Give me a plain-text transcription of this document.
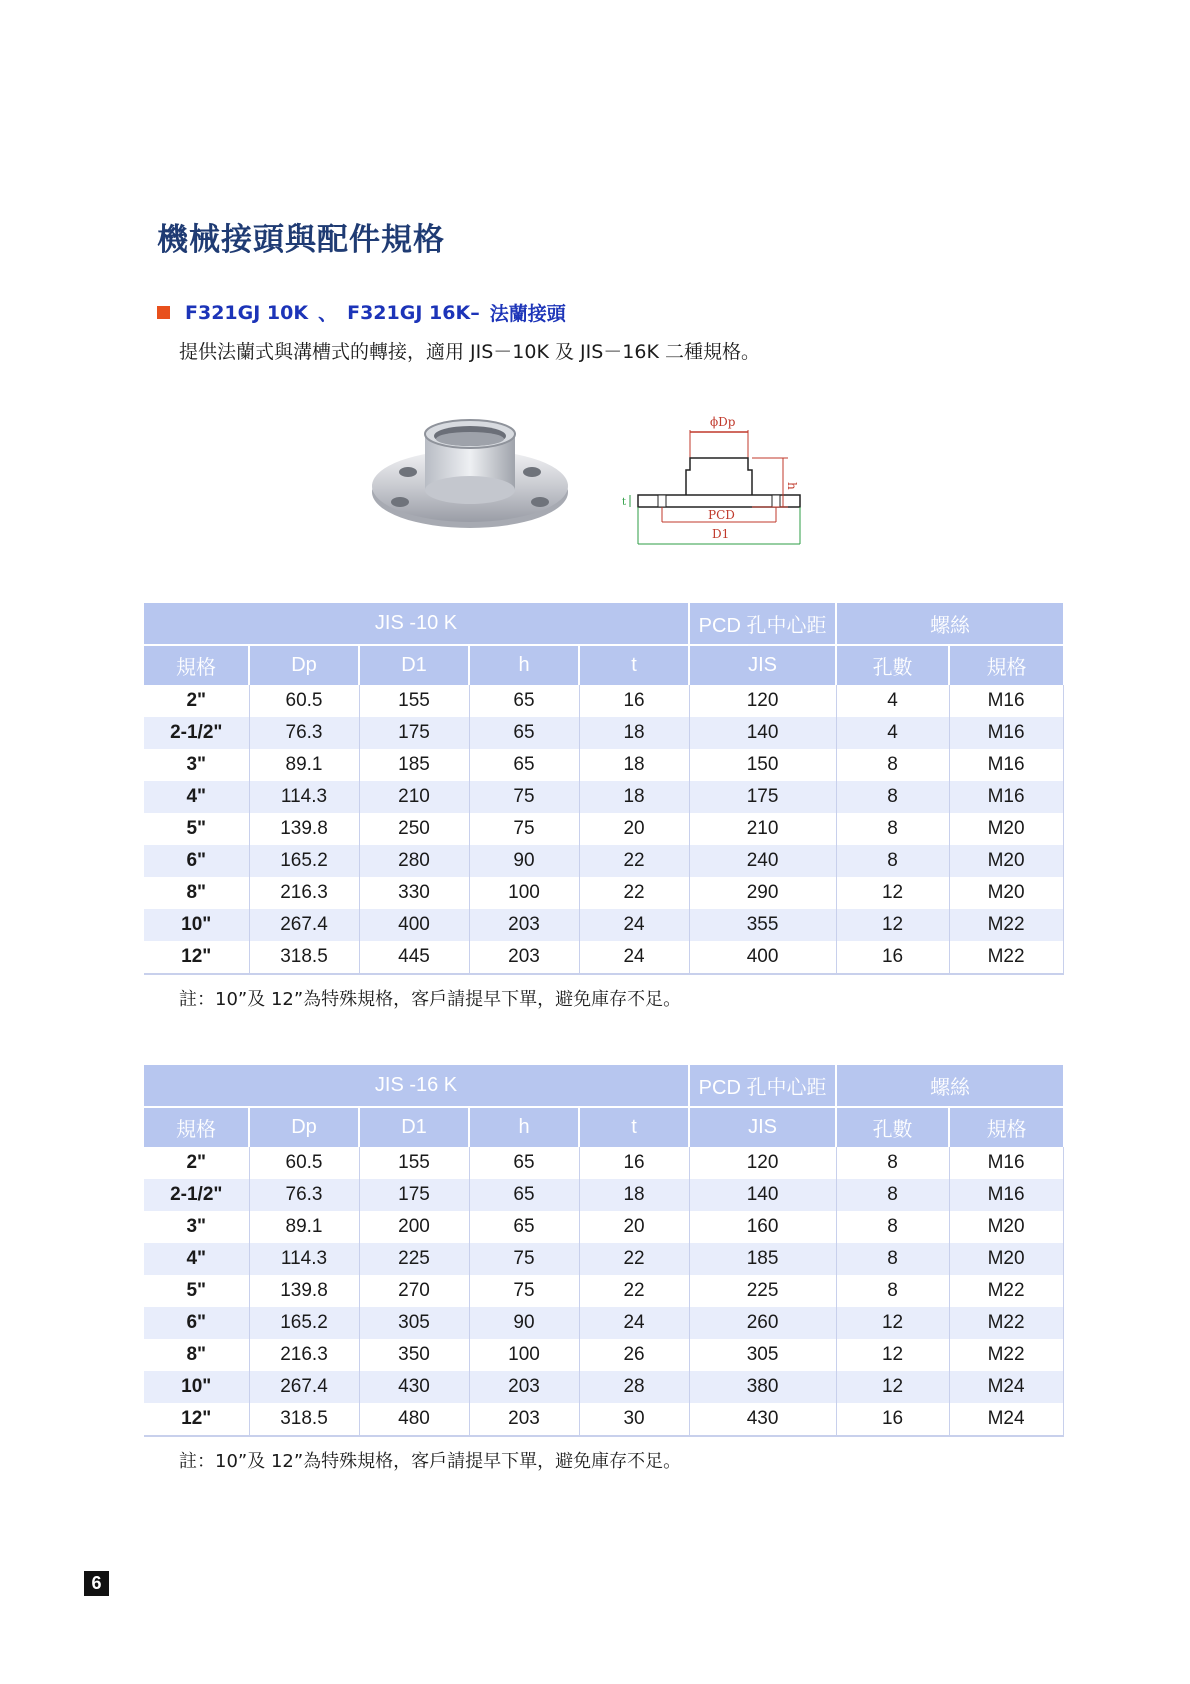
機械接頭與配件規格
F321GJ 10K 、 F321GJ 16K– 法蘭接頭
提供法蘭式與溝槽式的轉接，適用 JIS－10K 及 JIS－16K 二種規格。
ϕDp
h
t
PCD
D1
JIS -10 K					PCD 孔中心距	螺絲	
規格	Dp	D1	h	t	JIS	孔數	規格
2"	60.5	155	65	16	120	4	M16
2-1/2"	76.3	175	65	18	140	4	M16
3"	89.1	185	65	18	150	8	M16
4"	114.3	210	75	18	175	8	M16
5"	139.8	250	75	20	210	8	M20
6"	165.2	280	90	22	240	8	M20
8"	216.3	330	100	22	290	12	M20
10"	267.4	400	203	24	355	12	M22
12"	318.5	445	203	24	400	16	M22
註：10”及 12”為特殊規格，客戶請提早下單，避免庫存不足。
JIS -16 K					PCD 孔中心距	螺絲	
規格	Dp	D1	h	t	JIS	孔數	規格
2"	60.5	155	65	16	120	8	M16
2-1/2"	76.3	175	65	18	140	8	M16
3"	89.1	200	65	20	160	8	M20
4"	114.3	225	75	22	185	8	M20
5"	139.8	270	75	22	225	8	M22
6"	165.2	305	90	24	260	12	M22
8"	216.3	350	100	26	305	12	M22
10"	267.4	430	203	28	380	12	M24
12"	318.5	480	203	30	430	16	M24
註：10”及 12”為特殊規格，客戶請提早下單，避免庫存不足。
6
